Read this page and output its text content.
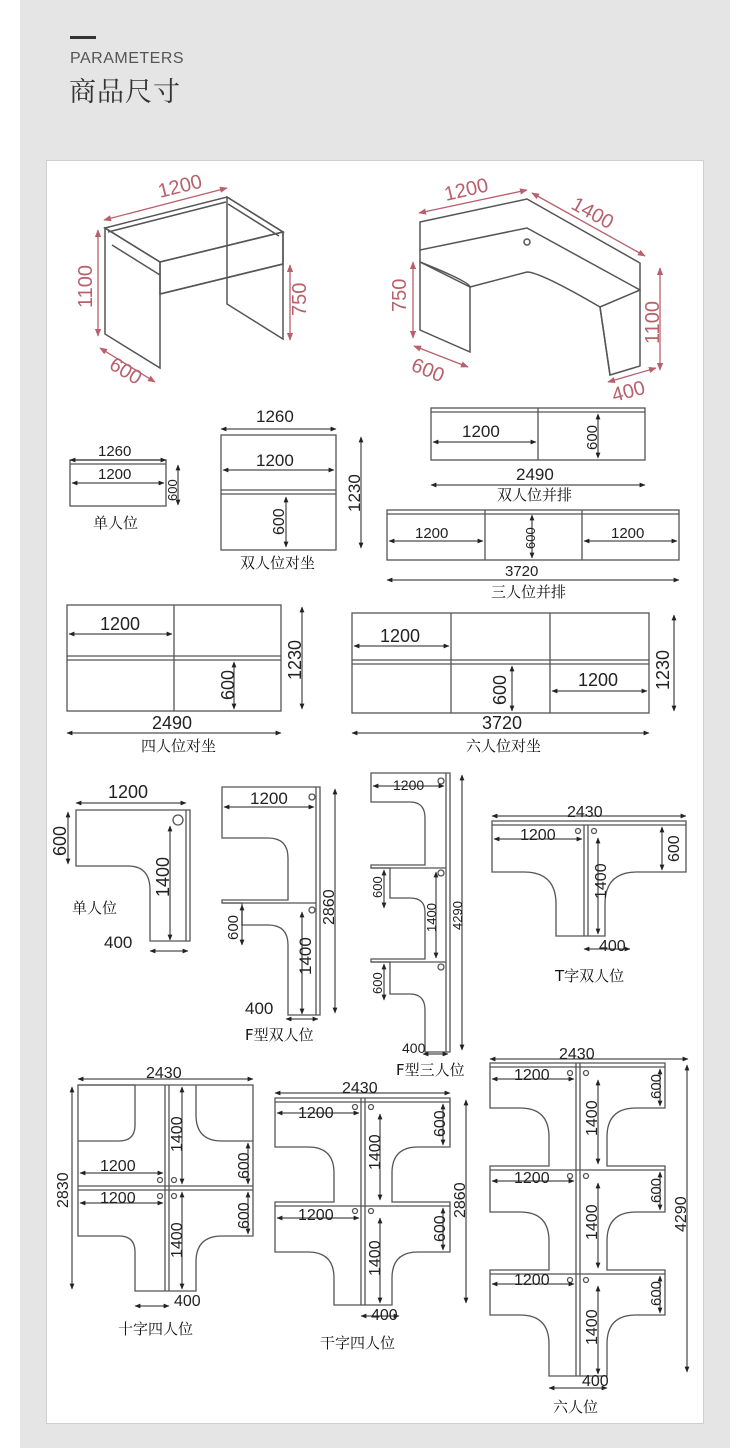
PARAMETERS
商品尺寸
1200
1100	750
600
1200
1400
750
1100
600
400
1260
1200
600
单人位
1260
1200
600
1230
双人位对坐
1200	600
2490
双人位并排
1200	1200
600
3720
三人位并排
1200
600
1230
2490
四人位对坐
1200
1200
600	1230
3720
六人位对坐
1200
600
1400
400
单人位
1200
600
1400
2860
400
F型双人位
1200
600
1400
600
4290
400
F型三人位
2430
1200	600
1400
400
T字双人位
2430
2830
1400
1200	600
1200
600
1400
400
十字四人位
2430
1200
1400
600
2860
1200
1400
600
400
干字四人位
2430
1200
1400
600
1200
1400
600
4290
1200
1400
600
400
六人位
